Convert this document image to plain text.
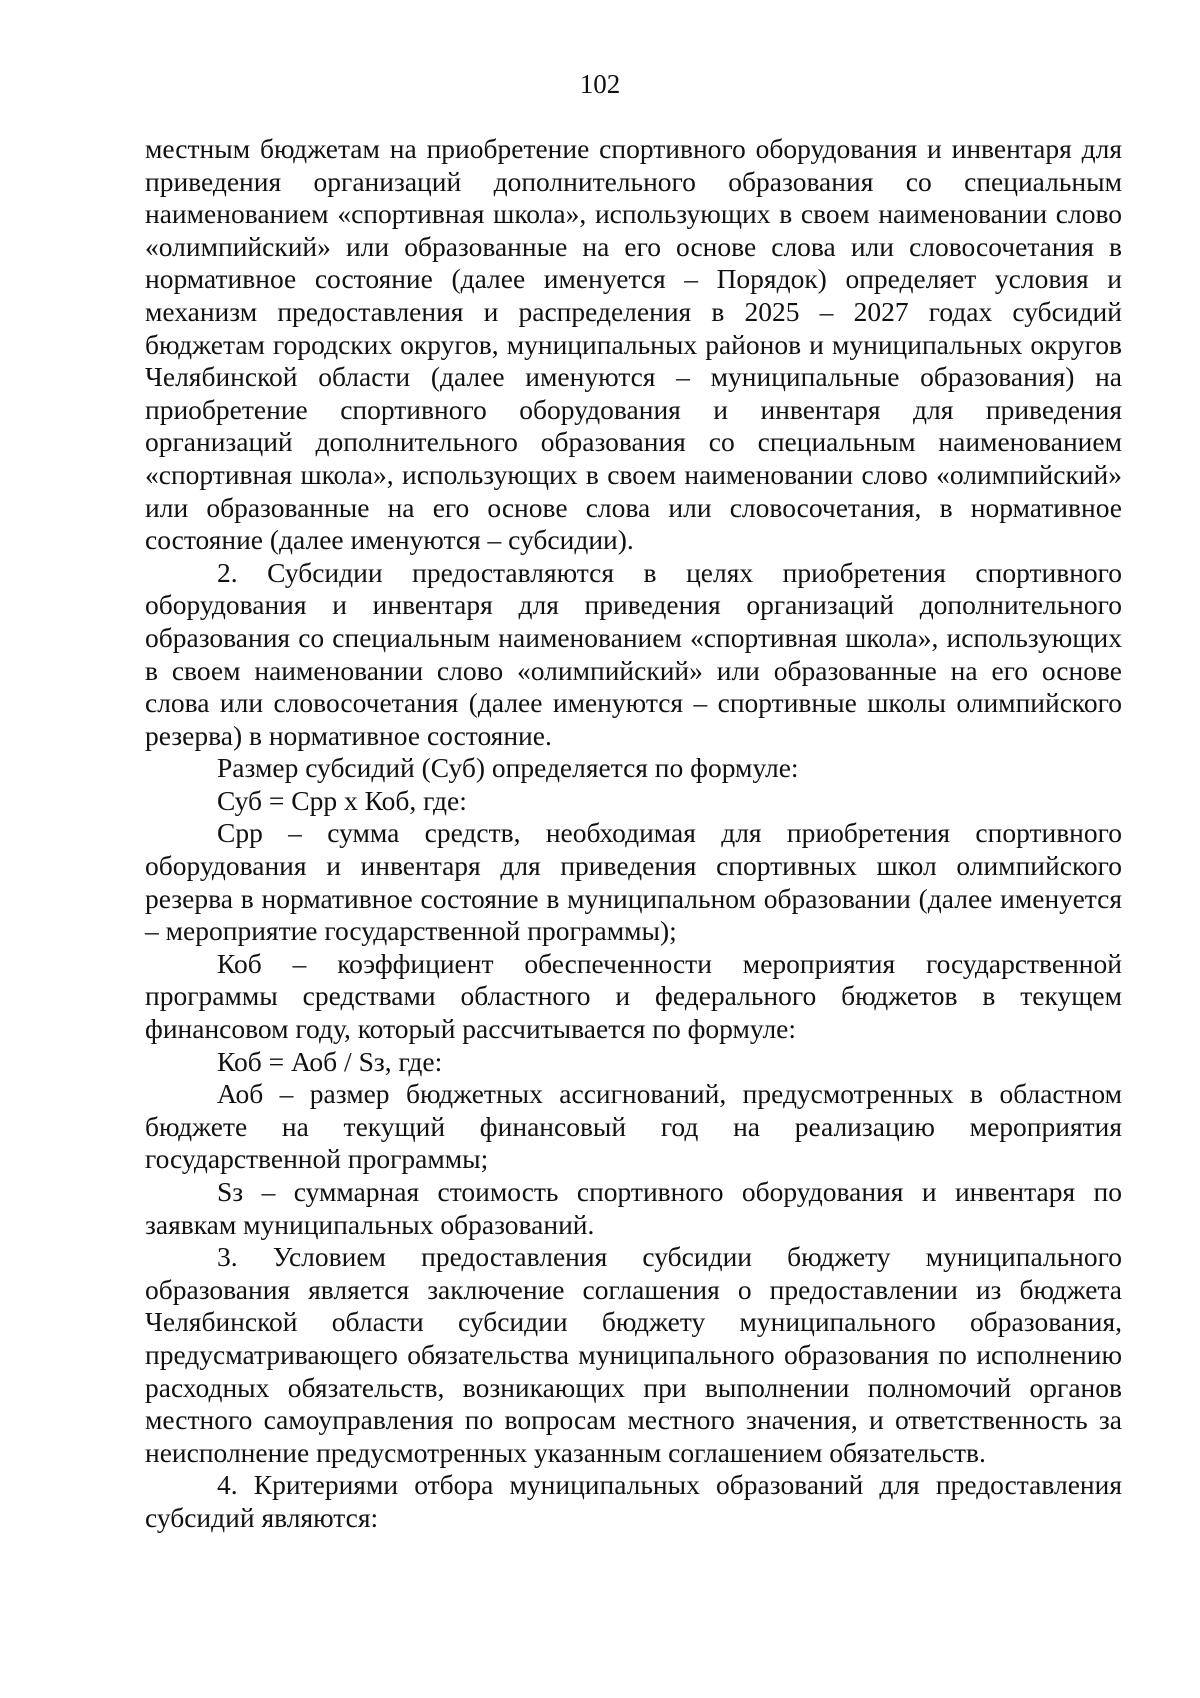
102

местным бюджетам на приобретение спортивного оборудования и инвентаря для приведения организаций дополнительного образования со специальным наименованием «спортивная школа», использующих в своем наименовании слово «олимпийский» или образованные на его основе слова или словосочетания в нормативное состояние (далее именуется – Порядок) определяет условия и механизм предоставления и распределения в 2025 – 2027 годах субсидий бюджетам городских округов, муниципальных районов и муниципальных округов Челябинской области (далее именуются – муниципальные образования) на приобретение спортивного оборудования и инвентаря для приведения организаций дополнительного образования со специальным наименованием «спортивная школа», использующих в своем наименовании слово «олимпийский» или образованные на его основе слова или словосочетания, в нормативное состояние (далее именуются – субсидии).

2. Субсидии предоставляются в целях приобретения спортивного оборудования и инвентаря для приведения организаций дополнительного образования со специальным наименованием «спортивная школа», использующих в своем наименовании слово «олимпийский» или образованные на его основе слова или словосочетания (далее именуются – спортивные школы олимпийского резерва) в нормативное состояние.

Размер субсидий (Суб) определяется по формуле:

Суб = Срр х Коб, где:

Срр – сумма средств, необходимая для приобретения спортивного оборудования и инвентаря для приведения спортивных школ олимпийского резерва в нормативное состояние в муниципальном образовании (далее именуется – мероприятие государственной программы);

Коб – коэффициент обеспеченности мероприятия государственной программы средствами областного и федерального бюджетов в текущем финансовом году, который рассчитывается по формуле:

Коб = Аоб / Sз, где:

Аоб – размер бюджетных ассигнований, предусмотренных в областном бюджете на текущий финансовый год на реализацию мероприятия государственной программы;

Sз – суммарная стоимость спортивного оборудования и инвентаря по заявкам муниципальных образований.

3. Условием предоставления субсидии бюджету муниципального образования является заключение соглашения о предоставлении из бюджета Челябинской области субсидии бюджету муниципального образования, предусматривающего обязательства муниципального образования по исполнению расходных обязательств, возникающих при выполнении полномочий органов местного самоуправления по вопросам местного значения, и ответственность за неисполнение предусмотренных указанным соглашением обязательств.

4. Критериями отбора муниципальных образований для предоставления субсидий являются:
